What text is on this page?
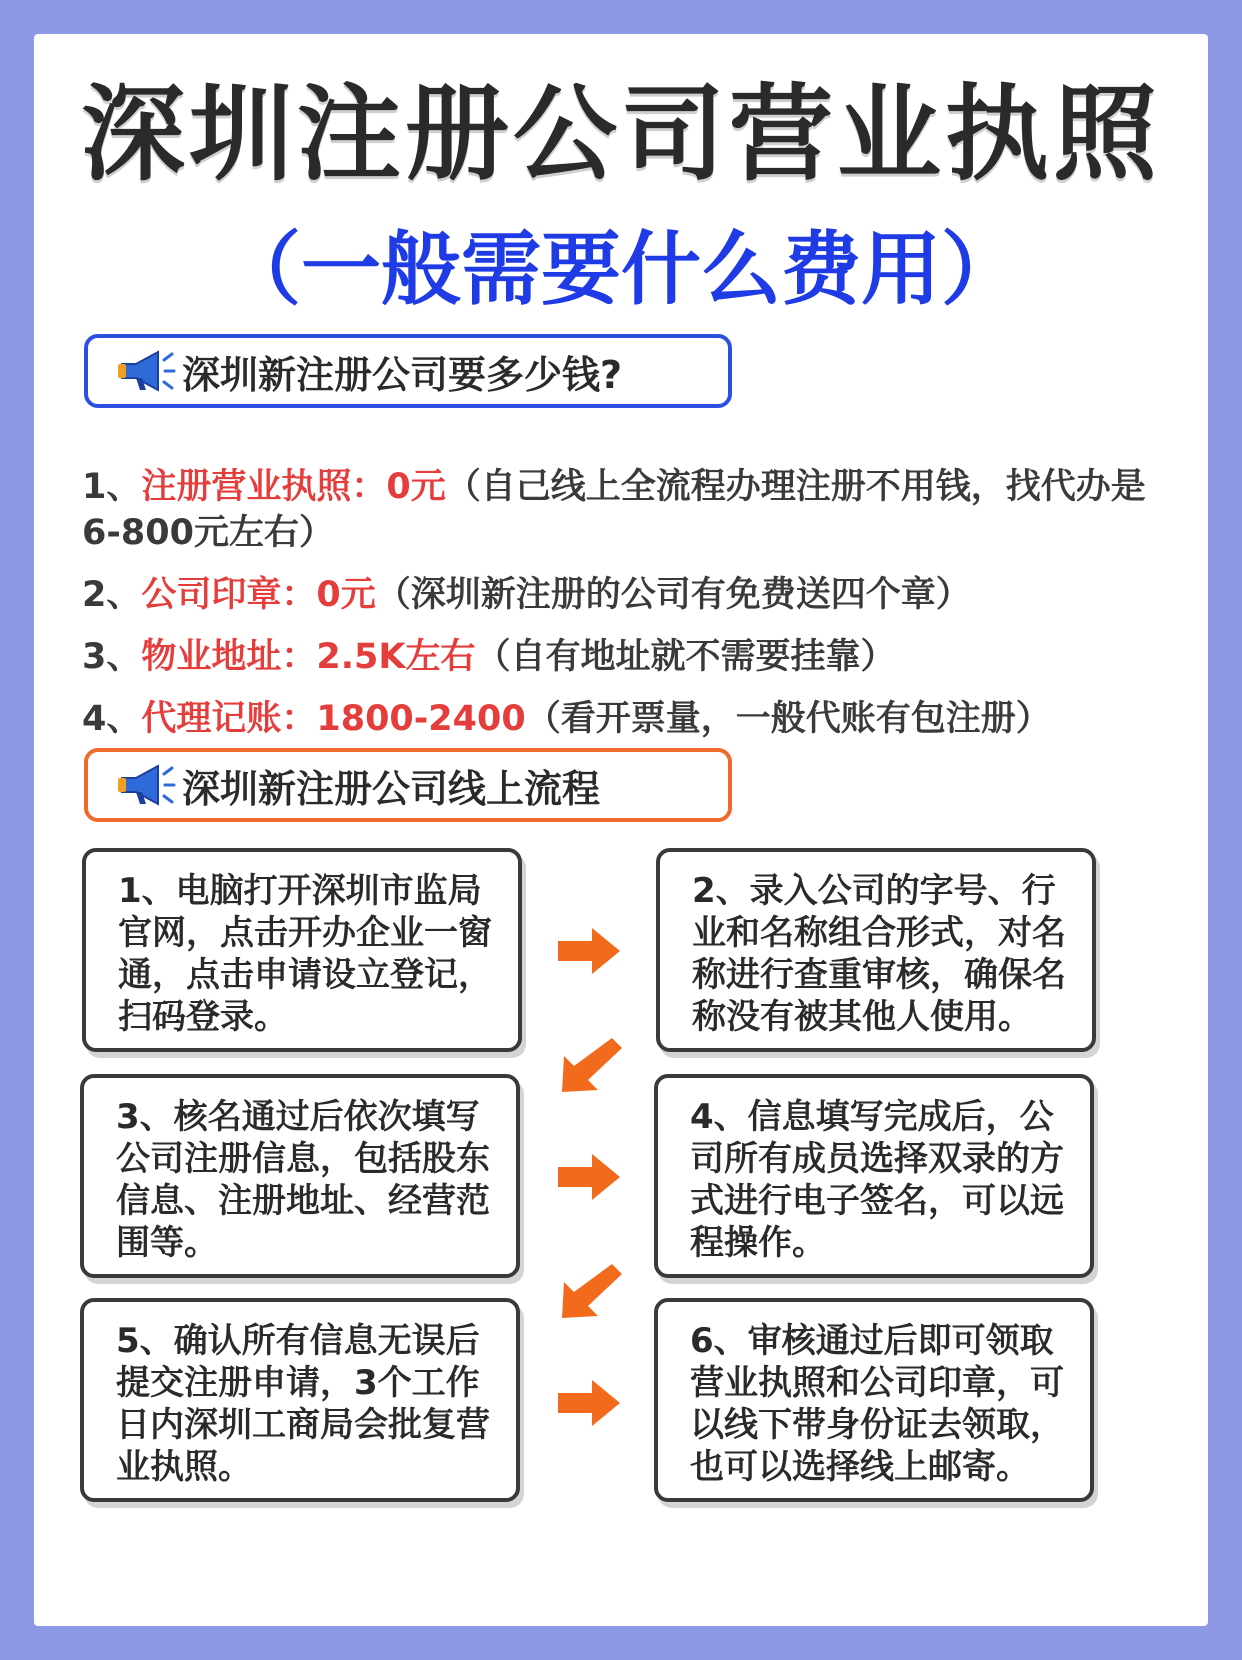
深圳注册公司营业执照
（一般需要什么费用）
深圳新注册公司要多少钱?
1、注册营业执照：0元（自己线上全流程办理注册不用钱，找代办是6-800元左右）
2、公司印章：0元（深圳新注册的公司有免费送四个章）
3、物业地址：2.5K左右（自有地址就不需要挂靠）
4、代理记账：1800-2400（看开票量，一般代账有包注册）
深圳新注册公司线上流程
1、电脑打开深圳市监局官网，点击开办企业一窗通，点击申请设立登记，扫码登录。
2、录入公司的字号、行业和名称组合形式，对名称进行查重审核，确保名称没有被其他人使用。
3、核名通过后依次填写公司注册信息，包括股东信息、注册地址、经营范围等。
4、信息填写完成后，公司所有成员选择双录的方式进行电子签名，可以远程操作。
5、确认所有信息无误后提交注册申请，3个工作日内深圳工商局会批复营业执照。
6、审核通过后即可领取营业执照和公司印章，可以线下带身份证去领取，也可以选择线上邮寄。
